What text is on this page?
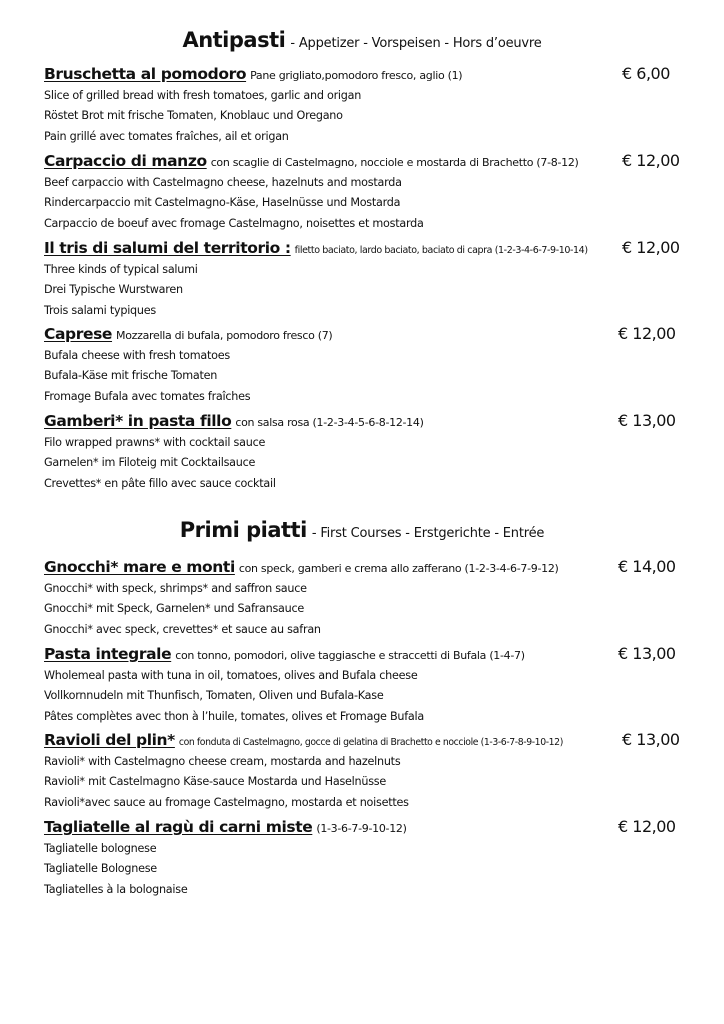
Antipasti - Appetizer - Vorspeisen - Hors d’oeuvre
Bruschetta al pomodoro Pane grigliato,pomodoro fresco, aglio (1)	€ 6,00
Slice of grilled bread with fresh tomatoes, garlic and origan
Röstet Brot mit frische Tomaten, Knoblauc und Oregano
Pain grillé avec tomates fraîches, ail et origan
Carpaccio di manzo con scaglie di Castelmagno, nocciole e mostarda di Brachetto (7-8-12)	€ 12,00
Beef carpaccio with Castelmagno cheese, hazelnuts and mostarda
Rindercarpaccio mit Castelmagno-Käse, Haselnüsse und Mostarda
Carpaccio de boeuf avec fromage Castelmagno, noisettes et mostarda
Il tris di salumi del territorio : filetto baciato, lardo baciato, baciato di capra (1-2-3-4-6-7-9-10-14) € 12,00
Three kinds of typical salumi
Drei Typische Wurstwaren
Trois salami typiques
Caprese Mozzarella di bufala, pomodoro fresco (7)	€ 12,00
Bufala cheese with fresh tomatoes
Bufala-Käse mit frische Tomaten
Fromage Bufala avec tomates fraîches
Gamberi* in pasta fillo con salsa rosa (1-2-3-4-5-6-8-12-14)	€ 13,00
Filo wrapped prawns* with cocktail sauce
Garnelen* im Filoteig mit Cocktailsauce
Crevettes* en pâte fillo avec sauce cocktail
Primi piatti - First Courses - Erstgerichte - Entrée
Gnocchi* mare e monti con speck, gamberi e crema allo zafferano (1-2-3-4-6-7-9-12)	€ 14,00
Gnocchi* with speck, shrimps* and saffron sauce
Gnocchi* mit Speck, Garnelen* und Safransauce
Gnocchi* avec speck, crevettes* et sauce au safran
Pasta integrale con tonno, pomodori, olive taggiasche e straccetti di Bufala (1-4-7)	€ 13,00
Wholemeal pasta with tuna in oil, tomatoes, olives and Bufala cheese
Vollkornnudeln mit Thunfisch, Tomaten, Oliven und Bufala-Kase
Pâtes complètes avec thon à l’huile, tomates, olives et Fromage Bufala
Ravioli del plin* con fonduta di Castelmagno, gocce di gelatina di Brachetto e nocciole (1-3-6-7-8-9-10-12)	€ 13,00
Ravioli* with Castelmagno cheese cream, mostarda and hazelnuts
Ravioli* mit Castelmagno Käse-sauce Mostarda und Haselnüsse
Ravioli*avec sauce au fromage Castelmagno, mostarda et noisettes
Tagliatelle al ragù di carni miste (1-3-6-7-9-10-12)	€ 12,00
Tagliatelle bolognese
Tagliatelle Bolognese
Tagliatelles à la bolognaise
